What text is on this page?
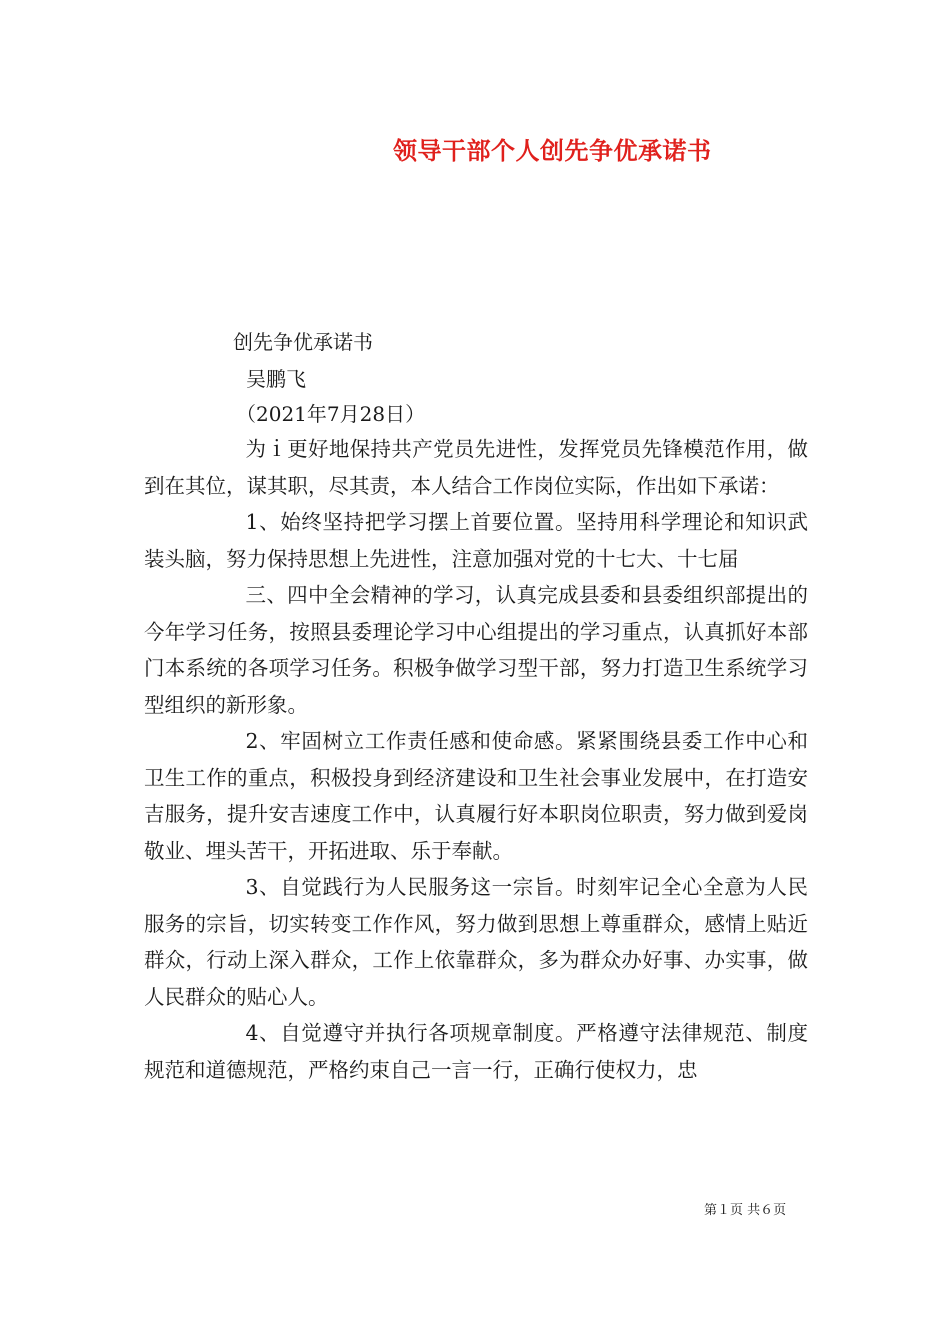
领导干部个人创先争优承诺书

创先争优承诺书

吴鹏飞

（2021年7月28日）

为ｉ更好地保持共产党员先进性，发挥党员先锋模范作用，做到在其位，谋其职，尽其责，本人结合工作岗位实际，作出如下承诺：

1、始终坚持把学习摆上首要位置。坚持用科学理论和知识武装头脑，努力保持思想上先进性，注意加强对党的十七大、十七届

三、四中全会精神的学习，认真完成县委和县委组织部提出的今年学习任务，按照县委理论学习中心组提出的学习重点，认真抓好本部门本系统的各项学习任务。积极争做学习型干部，努力打造卫生系统学习型组织的新形象。

2、牢固树立工作责任感和使命感。紧紧围绕县委工作中心和卫生工作的重点，积极投身到经济建设和卫生社会事业发展中，在打造安吉服务，提升安吉速度工作中，认真履行好本职岗位职责，努力做到爱岗敬业、埋头苦干，开拓进取、乐于奉献。

3、自觉践行为人民服务这一宗旨。时刻牢记全心全意为人民服务的宗旨，切实转变工作作风，努力做到思想上尊重群众，感情上贴近群众，行动上深入群众，工作上依靠群众，多为群众办好事、办实事，做人民群众的贴心人。

4、自觉遵守并执行各项规章制度。严格遵守法律规范、制度规范和道德规范，严格约束自己一言一行，正确行使权力，忠

第１页 共６页
